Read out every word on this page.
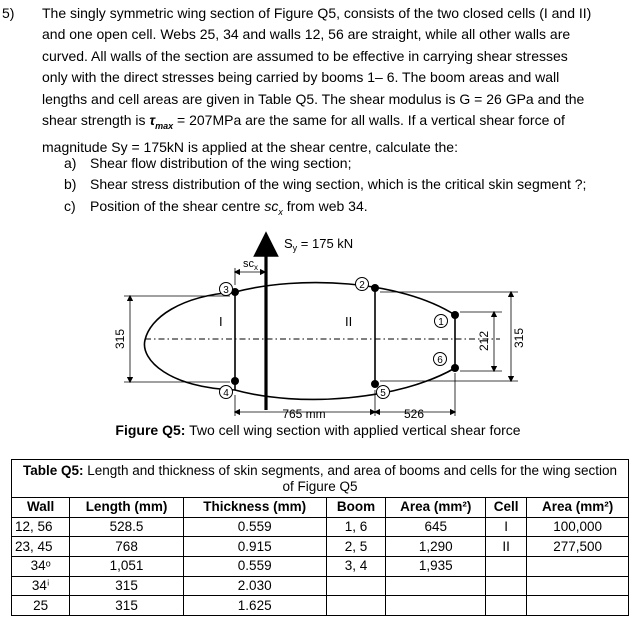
5) The singly symmetric wing section of Figure Q5, consists of the two closed cells (I and II)
and one open cell. Webs 25, 34 and walls 12, 56 are straight, while all other walls are
curved. All walls of the section are assumed to be effective in carrying shear stresses
only with the direct stresses being carried by booms 1– 6. The boom areas and wall
lengths and cell areas are given in Table Q5. The shear modulus is G = 26 GPa and the
shear strength is $\tau_{max} = 207MPa$ are the same for all walls. If a vertical shear force of
magnitude Sy = 175kN is applied at the shear centre, calculate the:
a) Shear flow distribution of the wing section;
b) Shear stress distribution of the wing section, which is the critical skin segment ?;
c) Position of the shear centre $sc_x$ from web 34.
$S_y = 175$ kN
$sc_x$
3
4
2
5
1
6
I	II
315	212 315
765 mm	526
Figure Q5: Two cell wing section with applied vertical shear force
Table Q5: Length and thickness of skin segments, and area of booms and cells for the wing section of Figure Q5						
Wall	Length (mm)	Thickness (mm)	Boom	Area (mm²)	Cell	Area (mm²)
12, 56	528.5	0.559	1, 6	645	I	100,000
23, 45	768	0.915	2, 5	1,290	II	277,500
34ᵒ	1,051	0.559	3, 4	1,935		
34ⁱ	315	2.030				
25	315	1.625				
